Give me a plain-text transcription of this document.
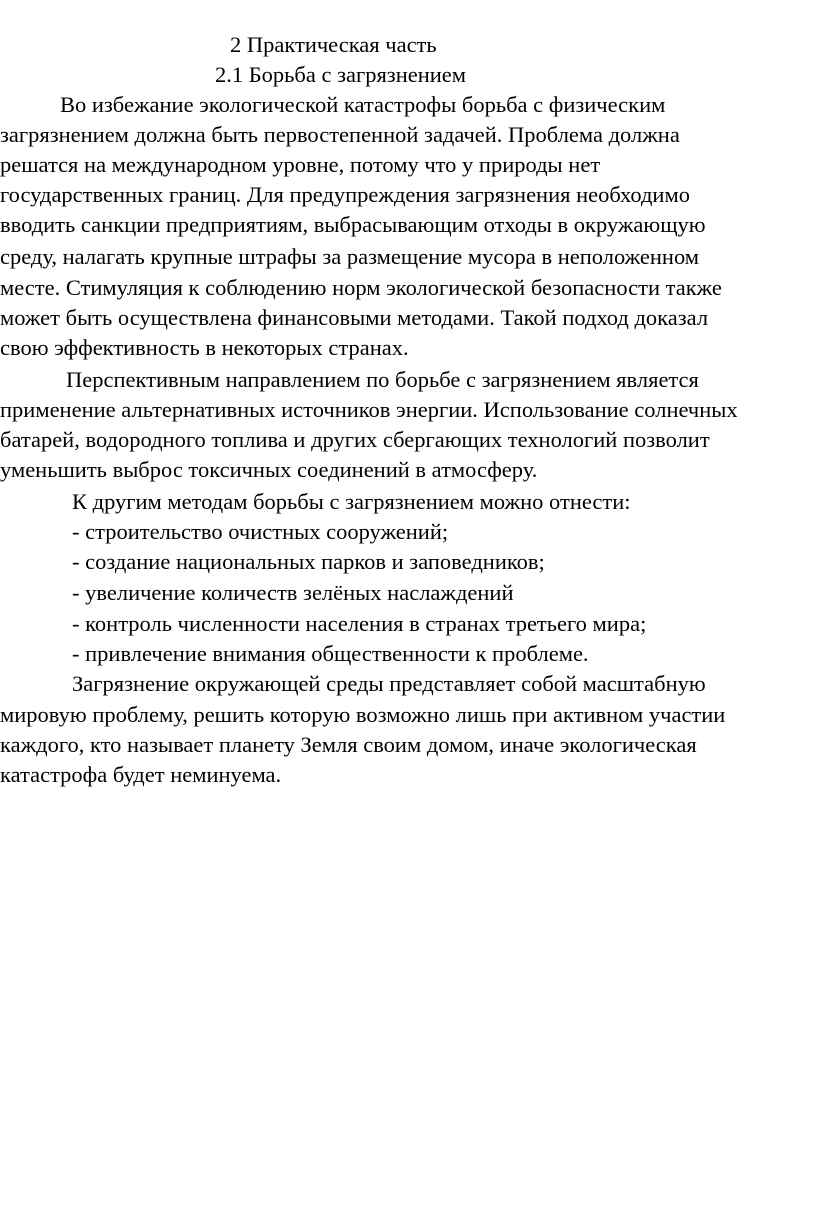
2 Практическая часть
2.1 Борьба с загрязнением
Во избежание экологической катастрофы борьба с физическим
загрязнением должна быть первостепенной задачей. Проблема должна
решатся на международном уровне, потому что у природы нет
государственных границ. Для предупреждения загрязнения необходимо
вводить санкции предприятиям, выбрасывающим отходы в окружающую
среду, налагать крупные штрафы за размещение мусора в неположенном
месте. Стимуляция к соблюдению норм экологической безопасности также
может быть осуществлена финансовыми методами. Такой подход доказал
свою эффективность в некоторых странах.
Перспективным направлением по борьбе с загрязнением является
применение альтернативных источников энергии. Использование солнечных
батарей, водородного топлива и других сбергающих технологий позволит
уменьшить выброс токсичных соединений в атмосферу.
К другим методам борьбы с загрязнением можно отнести:
- строительство очистных сооружений;
- создание национальных парков и заповедников;
- увеличение количеств зелёных наслаждений
- контроль численности населения в странах третьего мира;
- привлечение внимания общественности к проблеме.
Загрязнение окружающей среды представляет собой масштабную
мировую проблему, решить которую возможно лишь при активном участии
каждого, кто называет планету Земля своим домом, иначе экологическая
катастрофа будет неминуема.
